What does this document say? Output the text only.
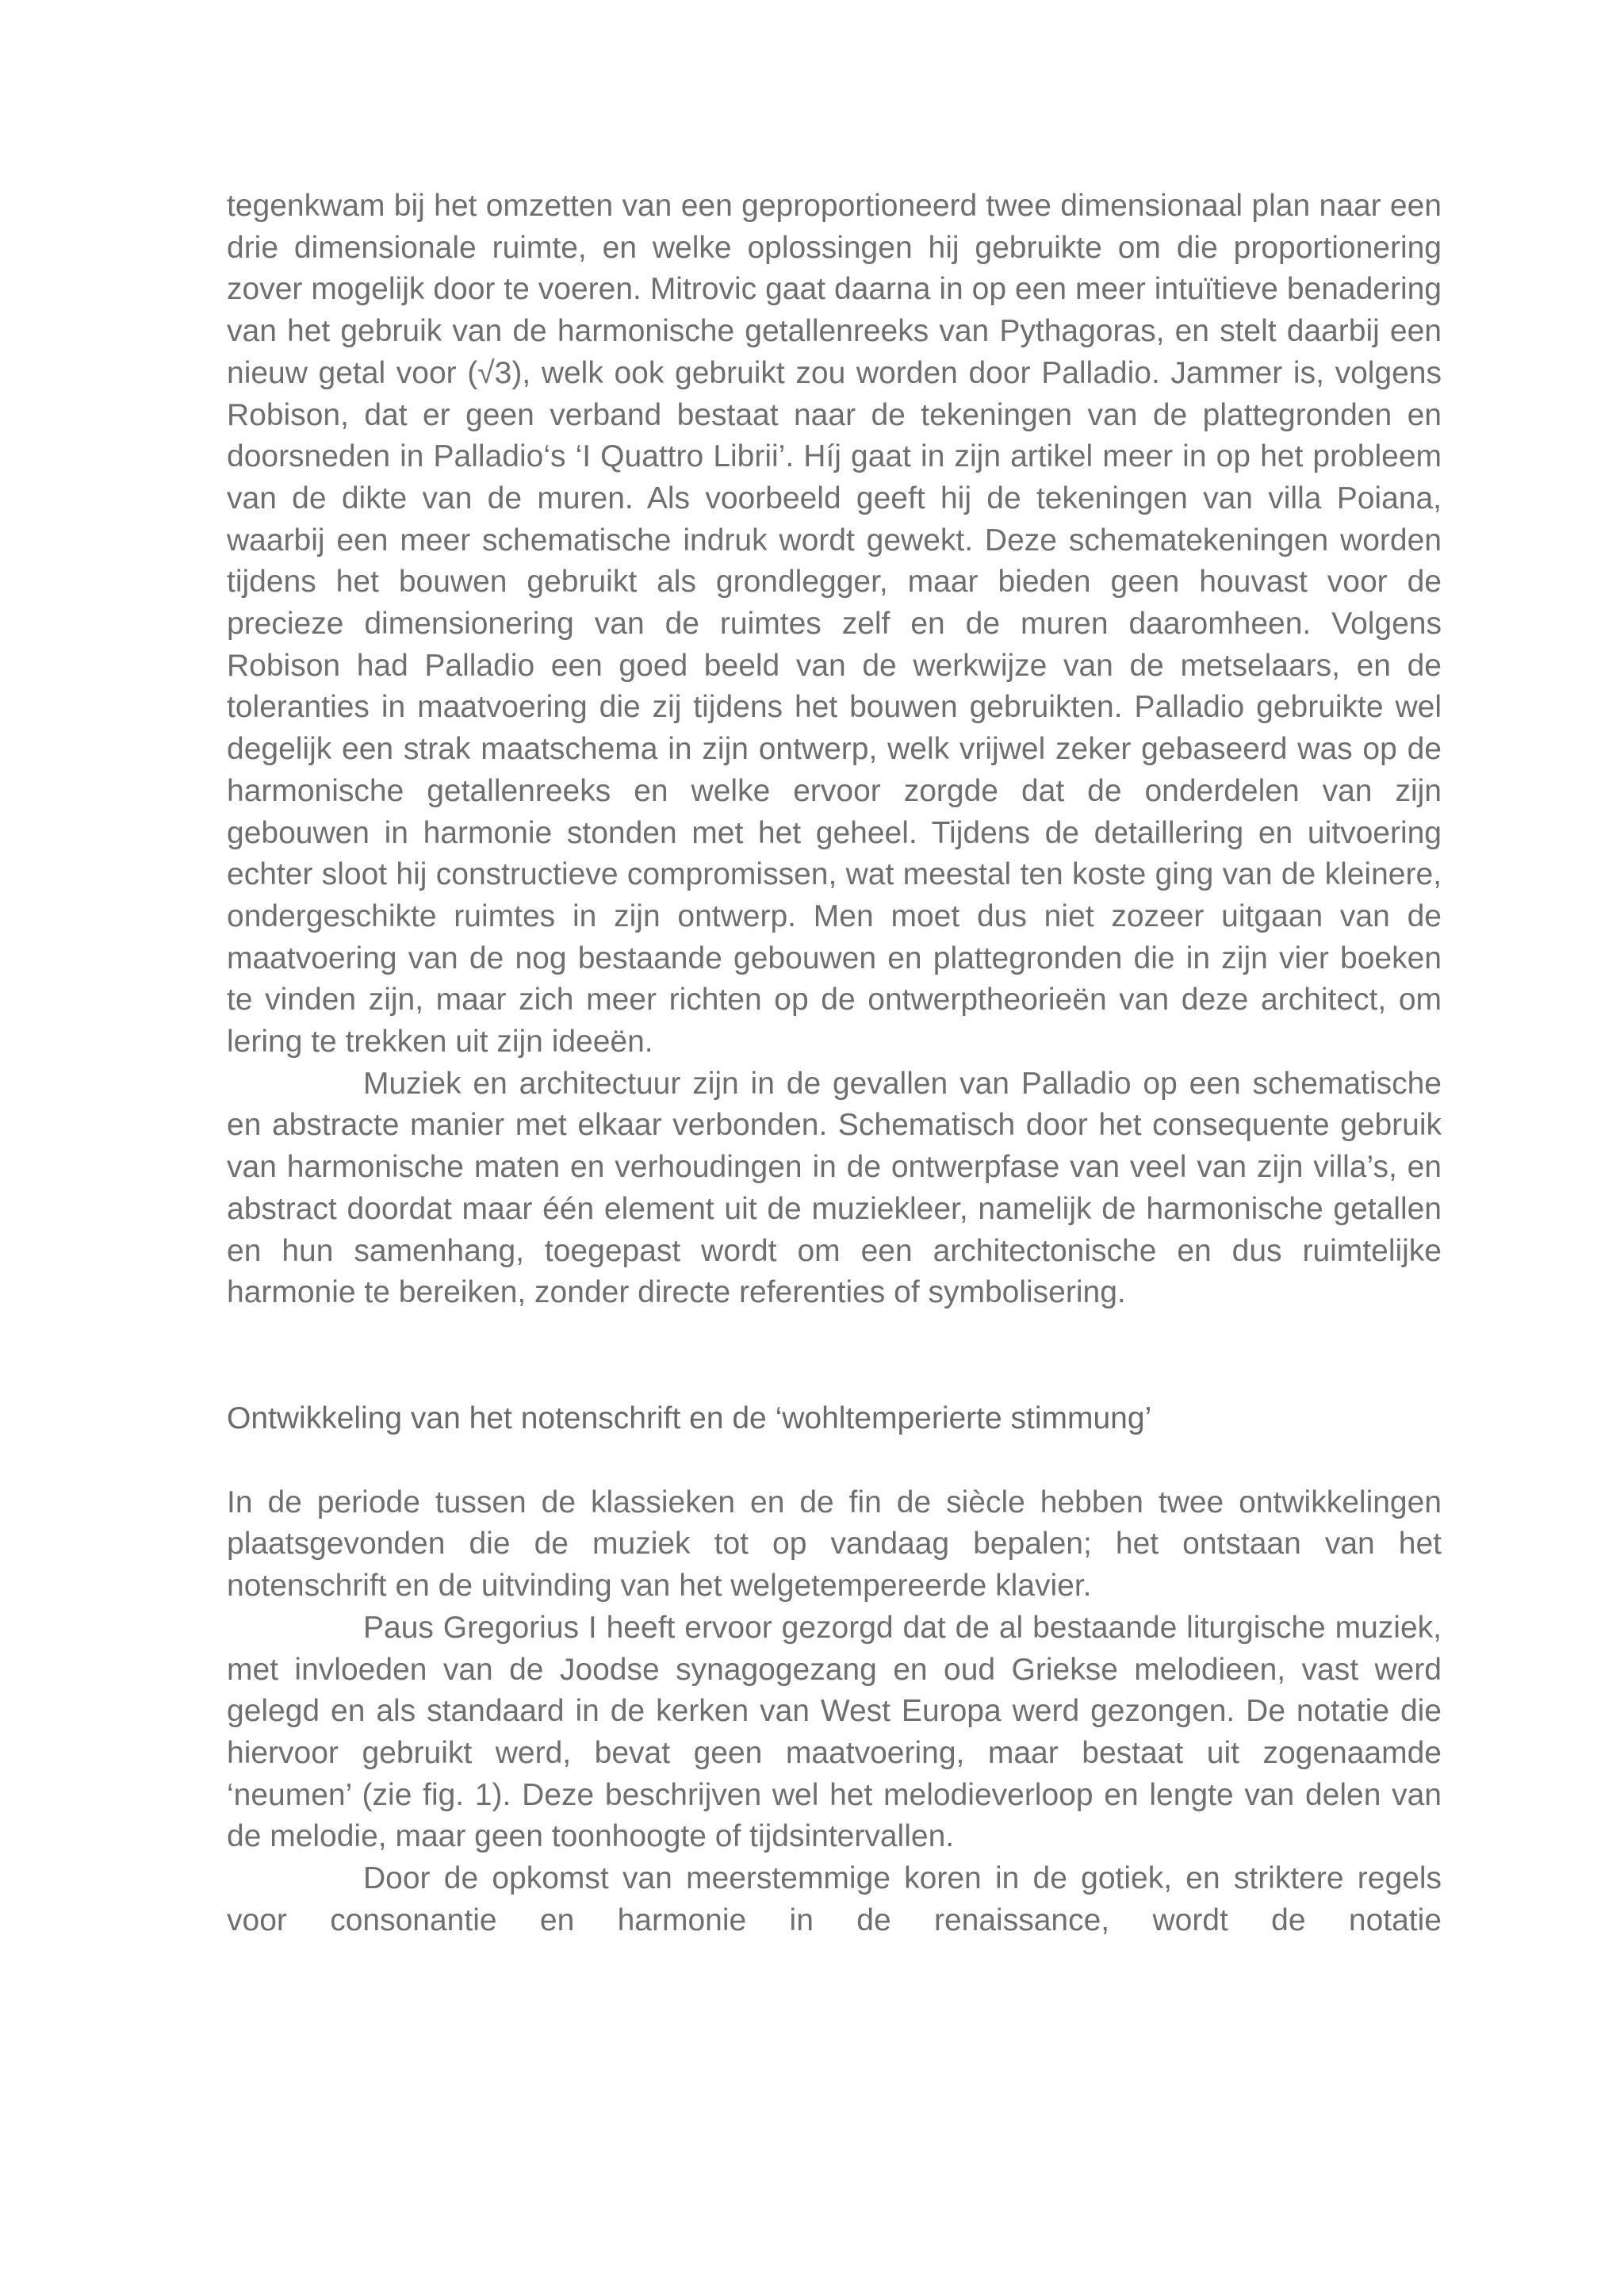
tegenkwam bij het omzetten van een geproportioneerd twee dimensionaal plan naar een drie dimensionale ruimte, en welke oplossingen hij gebruikte om die proportionering zover mogelijk door te voeren. Mitrovic gaat daarna in op een meer intuïtieve benadering van het gebruik van de harmonische getallenreeks van Pythagoras, en stelt daarbij een nieuw getal voor (√3), welk ook gebruikt zou worden door Palladio. Jammer is, volgens Robison, dat er geen verband bestaat naar de tekeningen van de plattegronden en doorsneden in Palladio‘s ‘I Quattro Librii’. Híj gaat in zijn artikel meer in op het probleem van de dikte van de muren. Als voorbeeld geeft hij de tekeningen van villa Poiana, waarbij een meer schematische indruk wordt gewekt. Deze schematekeningen worden tijdens het bouwen gebruikt als grondlegger, maar bieden geen houvast voor de precieze dimensionering van de ruimtes zelf en de muren daaromheen. Volgens Robison had Palladio een goed beeld van de werkwijze van de metselaars, en de toleranties in maatvoering die zij tijdens het bouwen gebruikten. Palladio gebruikte wel degelijk een strak maatschema in zijn ontwerp, welk vrijwel zeker gebaseerd was op de harmonische getallenreeks en welke ervoor zorgde dat de onderdelen van zijn gebouwen in harmonie stonden met het geheel. Tijdens de detaillering en uitvoering echter sloot hij constructieve compromissen, wat meestal ten koste ging van de kleinere, ondergeschikte ruimtes in zijn ontwerp. Men moet dus niet zozeer uitgaan van de maatvoering van de nog bestaande gebouwen en plattegronden die in zijn vier boeken te vinden zijn, maar zich meer richten op de ontwerptheorieën van deze architect, om lering te trekken uit zijn ideeën.

Muziek en architectuur zijn in de gevallen van Palladio op een schematische en abstracte manier met elkaar verbonden. Schematisch door het consequente gebruik van harmonische maten en verhoudingen in de ontwerpfase van veel van zijn villa’s, en abstract doordat maar één element uit de muziekleer, namelijk de harmonische getallen en hun samenhang, toegepast wordt om een architectonische en dus ruimtelijke harmonie te bereiken, zonder directe referenties of symbolisering.

Ontwikkeling van het notenschrift en de ‘wohltemperierte stimmung’

In de periode tussen de klassieken en de fin de siècle hebben twee ontwikkelingen plaatsgevonden die de muziek tot op vandaag bepalen; het ontstaan van het notenschrift en de uitvinding van het welgetempereerde klavier.

Paus Gregorius I heeft ervoor gezorgd dat de al bestaande liturgische muziek, met invloeden van de Joodse synagogezang en oud Griekse melodieen, vast werd gelegd en als standaard in de kerken van West Europa werd gezongen. De notatie die hiervoor gebruikt werd, bevat geen maatvoering, maar bestaat uit zogenaamde ‘neumen’ (zie fig. 1). Deze beschrijven wel het melodieverloop en lengte van delen van de melodie, maar geen toonhoogte of tijdsintervallen.

Door de opkomst van meerstemmige koren in de gotiek, en striktere regels voor consonantie en harmonie in de renaissance, wordt de notatie
